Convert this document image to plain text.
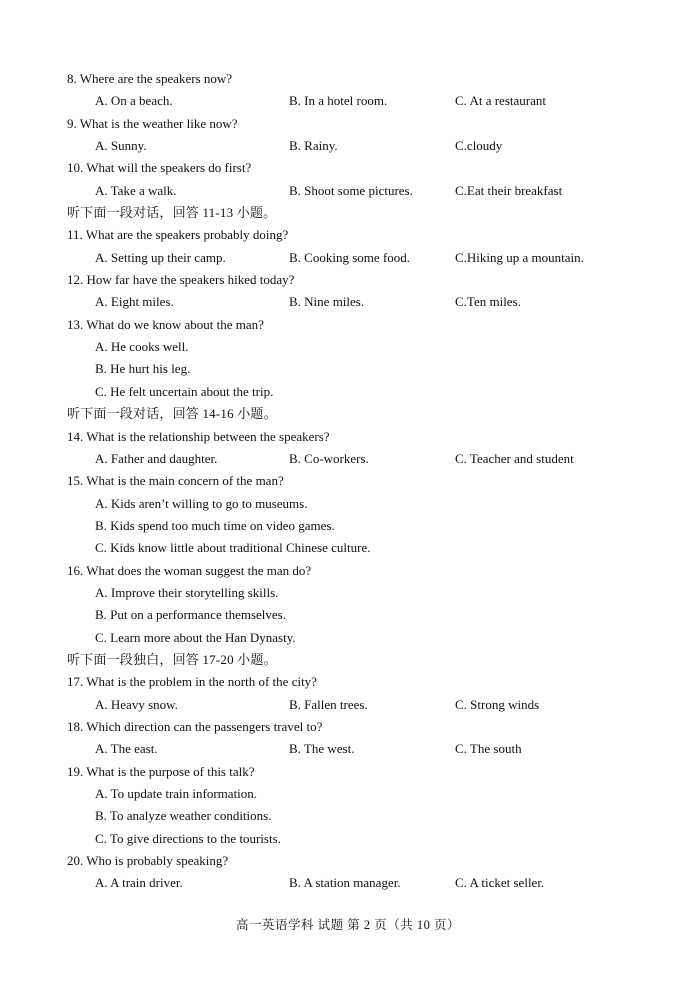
8. Where are the speakers now?
A. On a beach.	B. In a hotel room.	C. At a restaurant
9. What is the weather like now?
A. Sunny.	B. Rainy.	C.cloudy
10. What will the speakers do first?
A. Take a walk.	B. Shoot some pictures.	C.Eat their breakfast
听下面一段对话，回答 11-13 小题。
11. What are the speakers probably doing?
A. Setting up their camp.	B. Cooking some food.	C.Hiking up a mountain.
12. How far have the speakers hiked today?
A. Eight miles.	B. Nine miles.	C.Ten miles.
13. What do we know about the man?
A. He cooks well.
B. He hurt his leg.
C. He felt uncertain about the trip.
听下面一段对话，回答 14-16 小题。
14. What is the relationship between the speakers?
A. Father and daughter.	B. Co-workers.	C. Teacher and student
15. What is the main concern of the man?
A. Kids aren’t willing to go to museums.
B. Kids spend too much time on video games.
C. Kids know little about traditional Chinese culture.
16. What does the woman suggest the man do?
A. Improve their storytelling skills.
B. Put on a performance themselves.
C. Learn more about the Han Dynasty.
听下面一段独白，回答 17-20 小题。
17. What is the problem in the north of the city?
A. Heavy snow.	B. Fallen trees.	C. Strong winds
18. Which direction can the passengers travel to?
A. The east.	B. The west.	C. The south
19. What is the purpose of this talk?
A. To update train information.
B. To analyze weather conditions.
C. To give directions to the tourists.
20. Who is probably speaking?
A. A train driver.	B. A station manager.	C. A ticket seller.
高一英语学科 试题 第 2 页（共 10 页）
